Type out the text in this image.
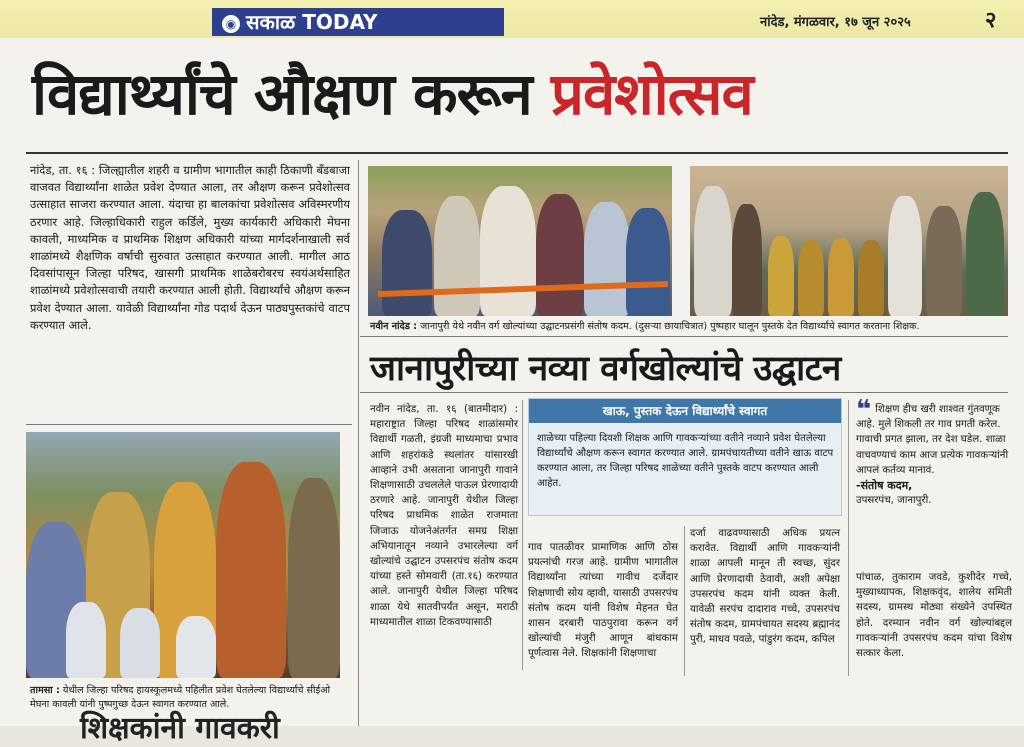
◉ सकाळ TODAY	नांदेड, मंगळवार, १७ जून २०२५	२
विद्यार्थ्यांचे औक्षण करून प्रवेशोत्सव
नांदेड, ता. १६ : जिल्ह्यातील शहरी व ग्रामीण भागातील काही ठिकाणी बँडबाजा वाजवत विद्यार्थ्यांना शाळेत प्रवेश देण्यात आला, तर औक्षण करून प्रवेशोत्सव उत्साहात साजरा करण्यात आला. यंदाचा हा बालकांचा प्रवेशोत्सव अविस्मरणीय ठरणार आहे. जिल्हाधिकारी राहुल कर्डिले, मुख्य कार्यकारी अधिकारी मेघना कावली, माध्यमिक व प्राथमिक शिक्षण अधिकारी यांच्या मार्गदर्शनाखाली सर्व शाळांमध्ये शैक्षणिक वर्षाची सुरुवात उत्साहात करण्यात आली. मागील आठ दिवसांपासून जिल्हा परिषद, खासगी प्राथमिक शाळेबरोबरच स्वयंअर्थसाहित शाळांमध्ये प्रवेशोत्सवाची तयारी करण्यात आली होती. विद्यार्थ्यांचे औक्षण करून प्रवेश देण्यात आला. यावेळी विद्यार्थ्यांना गोड पदार्थ देऊन पाठ्यपुस्तकांचे वाटप करण्यात आले.	नवीन नांदेड : जानापुरी येथे नवीन वर्ग खोल्यांच्या उद्घाटनप्रसंगी संतोष कदम. (दुसऱ्या छायाचित्रात) पुष्पहार घालून पुस्तके देत विद्यार्थ्यांचे स्वागत करताना शिक्षक.
जानापुरीच्या नव्या वर्गखोल्यांचे उद्घाटन
नवीन नांदेड, ता. १६ (बातमीदार) : महाराष्ट्रात जिल्हा परिषद शाळांसमोर विद्यार्थी गळती, इंग्रजी माध्यमाचा प्रभाव आणि शहरांकडे स्थलांतर यांसारखी आव्हाने उभी असताना जानापुरी गावाने शिक्षणासाठी उचललेले पाऊल प्रेरणादायी ठरणारे आहे. जानापुरी येथील जिल्हा परिषद प्राथमिक शाळेत राजमाता जिजाऊ योजनेअंतर्गत समग्र शिक्षा अभियानातून नव्याने उभारलेल्या वर्ग खोल्यांचे उद्घाटन उपसरपंच संतोष कदम यांच्या हस्ते सोमवारी (ता.१६) करण्यात आले. जानापुरी येथील जिल्हा परिषद शाळा येथे सातवीपर्यंत असून, मराठी माध्यमातील शाळा टिकवण्यासाठी
गाव पातळीवर प्रामाणिक आणि ठोस प्रयत्नांची गरज आहे. ग्रामीण भागातील विद्यार्थ्यांना त्यांच्या गावीच दर्जेदार शिक्षणाची सोय व्हावी, यासाठी उपसरपंच संतोष कदम यांनी विशेष मेहनत घेत शासन दरबारी पाठपुरावा करून वर्ग खोल्यांची मंजुरी आणून बांधकाम पूर्णत्वास नेले. शिक्षकांनी शिक्षणाचा
दर्जा वाढवण्यासाठी अधिक प्रयत्न करावेत. विद्यार्थी आणि गावकऱ्यांनी शाळा आपली मानून ती स्वच्छ, सुंदर आणि प्रेरणादायी ठेवावी, अशी अपेक्षा उपसरपंच कदम यांनी व्यक्त केली. यावेळी सरपंच दादाराव गच्चे, उपसरपंच संतोष कदम, ग्रामपंचायत सदस्य ब्रह्मानंद पुरी, माधव पवळे, पांडुरंग कदम, कपिल
पांचाळ, तुकाराम जवडे, कुशीदेर गच्चे, मुख्याध्यापक, शिक्षकवृंद, शालेय समिती सदस्य, ग्रामस्थ मोठ्या संख्येने उपस्थित होते. दरम्यान नवीन वर्ग खोल्यांबद्दल गावकऱ्यांनी उपसरपंच कदम यांचा विशेष सत्कार केला.
खाऊ, पुस्तक देऊन विद्यार्थ्यांचे स्वागत
शाळेच्या पहिल्या दिवशी शिक्षक आणि गावकऱ्यांच्या वतीने नव्याने प्रवेश घेतलेल्या विद्यार्थ्यांचे औक्षण करून स्वागत करण्यात आले. ग्रामपंचायतीच्या वतीने खाऊ वाटप करण्यात आला, तर जिल्हा परिषद शाळेच्या वतीने पुस्तके वाटप करण्यात आली आहेत.
❝ शिक्षण हीच खरी शाश्वत गुंतवणूक आहे. मुले शिकली तर गाव प्रगती करेल. गावाची प्रगत झाला, तर देश घडेल. शाळा वाचवण्याचं काम आज प्रत्येक गावकऱ्यांनी आपलं कर्तव्य मानावं.
-संतोष कदम,
उपसरपंच, जानापुरी.
तामसा : येथील जिल्हा परिषद हायस्कूलमध्ये पहिलीत प्रवेश घेतलेल्या विद्यार्थ्यांचे सीईओ मेघना कावली यांनी पुष्पगुच्छ देऊन स्वागत करण्यात आले.
शिक्षकांनी गावकरी
